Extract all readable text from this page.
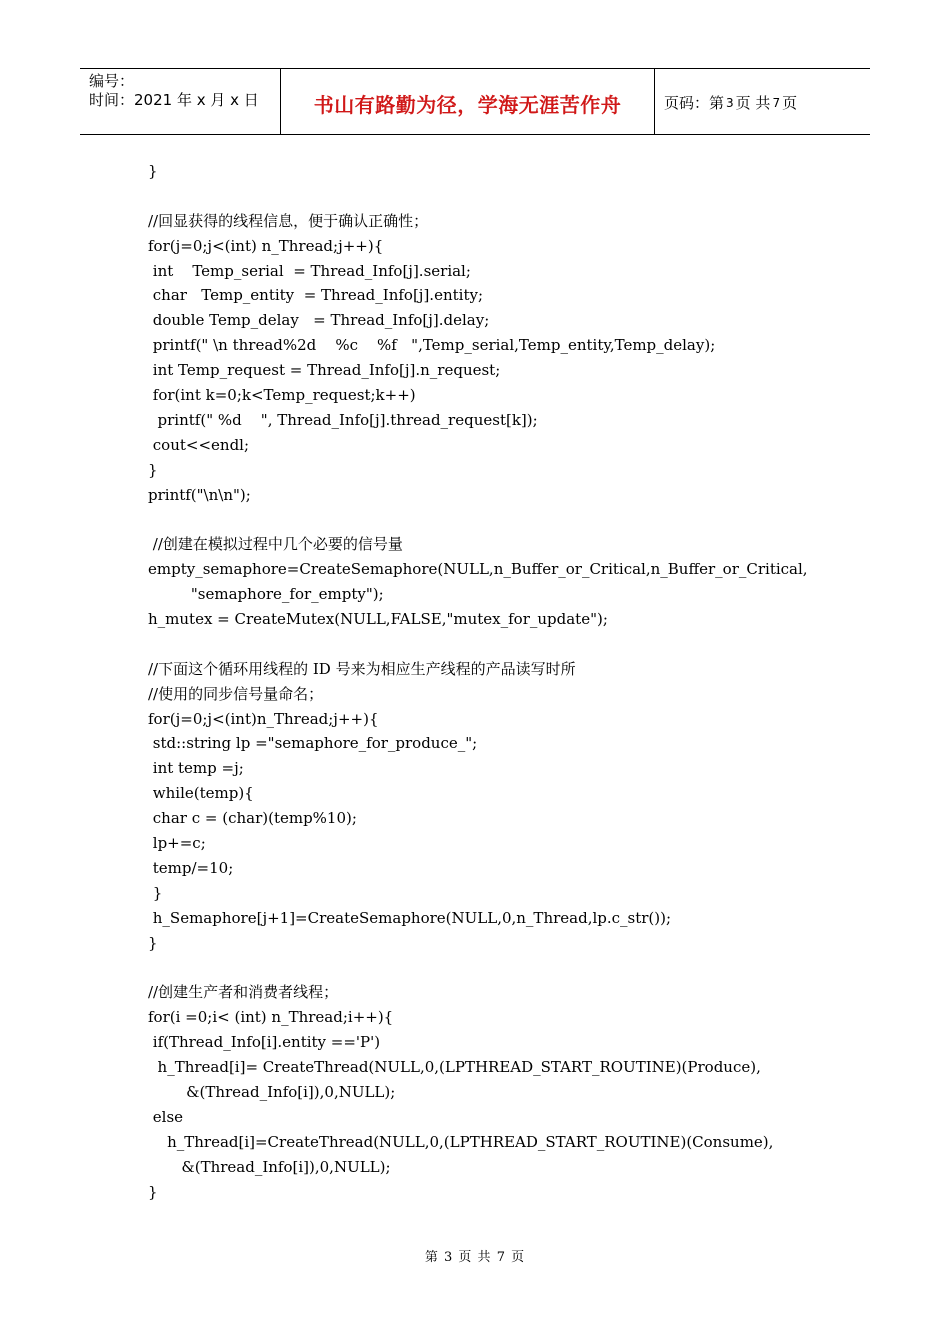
编号：
时间：2021 年 x 月 x 日	书山有路勤为径，学海无涯苦作舟	页码：第 3 页 共 7 页
}
//回显获得的线程信息，便于确认正确性；
for(j=0;j<(int) n_Thread;j++){
int    Temp_serial  = Thread_Info[j].serial;
char   Temp_entity  = Thread_Info[j].entity;
double Temp_delay   = Thread_Info[j].delay;
printf(" \n thread%2d    %c    %f   ",Temp_serial,Temp_entity,Temp_delay);
int Temp_request = Thread_Info[j].n_request;
for(int k=0;k<Temp_request;k++)
printf(" %d    ", Thread_Info[j].thread_request[k]);
cout<<endl;
}
printf("\n\n");
//创建在模拟过程中几个必要的信号量
empty_semaphore=CreateSemaphore(NULL,n_Buffer_or_Critical,n_Buffer_or_Critical,
"semaphore_for_empty");
h_mutex = CreateMutex(NULL,FALSE,"mutex_for_update");
//下面这个循环用线程的 ID 号来为相应生产线程的产品读写时所
//使用的同步信号量命名；
for(j=0;j<(int)n_Thread;j++){
std::string lp ="semaphore_for_produce_";
int temp =j;
while(temp){
char c = (char)(temp%10);
lp+=c;
temp/=10;
}
h_Semaphore[j+1]=CreateSemaphore(NULL,0,n_Thread,lp.c_str());
}
//创建生产者和消费者线程；
for(i =0;i< (int) n_Thread;i++){
if(Thread_Info[i].entity =='P')
h_Thread[i]= CreateThread(NULL,0,(LPTHREAD_START_ROUTINE)(Produce),
&(Thread_Info[i]),0,NULL);
else
h_Thread[i]=CreateThread(NULL,0,(LPTHREAD_START_ROUTINE)(Consume),
&(Thread_Info[i]),0,NULL);
}
第 3 页 共 7 页
